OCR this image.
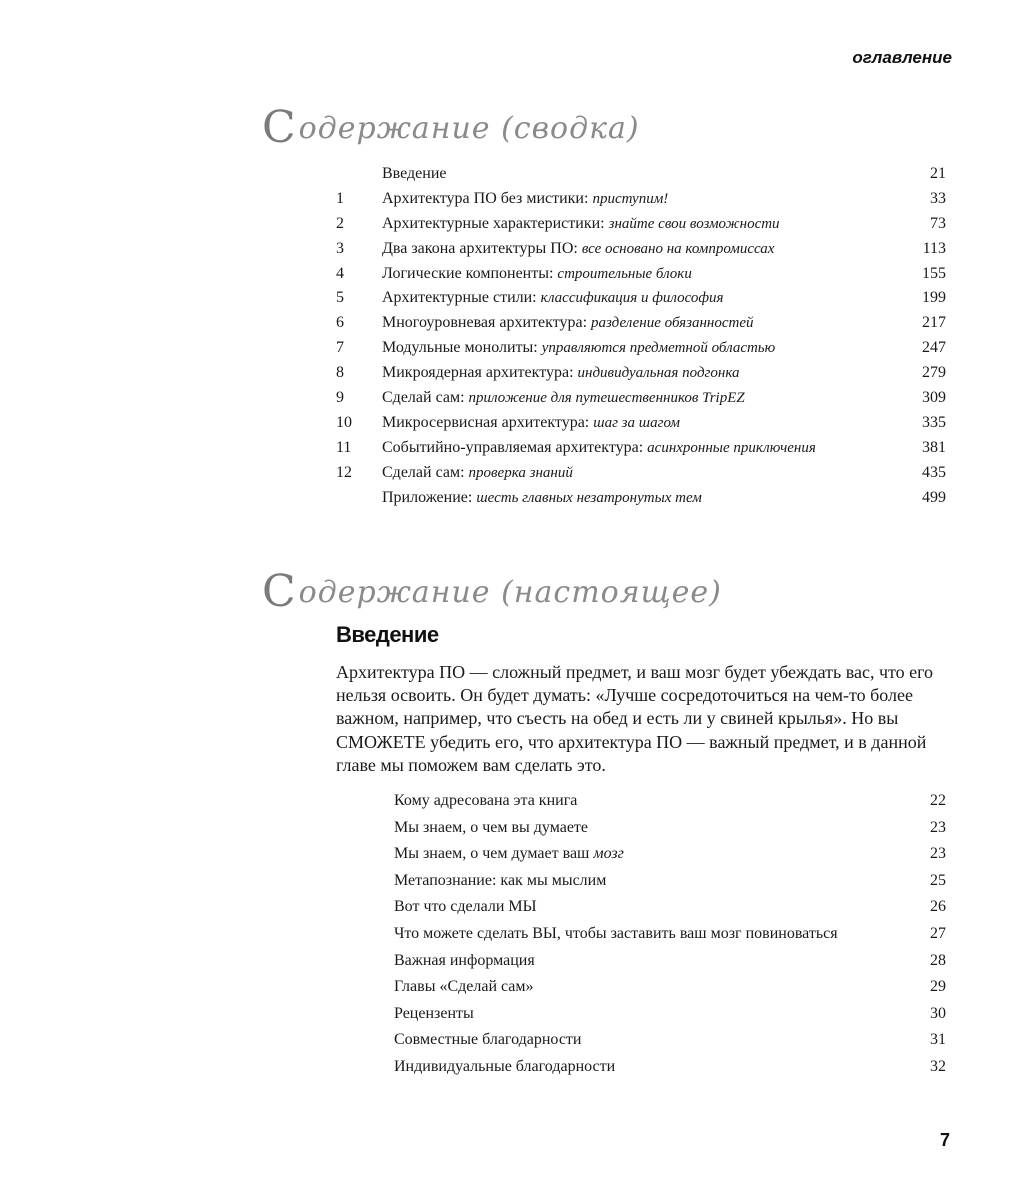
оглавление
Содержание (сводка)
Введение	21
1	Архитектура ПО без мистики: приступим!	33
2	Архитектурные характеристики: знайте свои возможности	73
3	Два закона архитектуры ПО: все основано на компромиссах	113
4	Логические компоненты: строительные блоки	155
5	Архитектурные стили: классификация и философия	199
6	Многоуровневая архитектура: разделение обязанностей	217
7	Модульные монолиты: управляются предметной областью	247
8	Микроядерная архитектура: индивидуальная подгонка	279
9	Сделай сам: приложение для путешественников TripEZ	309
10	Микросервисная архитектура: шаг за шагом	335
11	Событийно-управляемая архитектура: асинхронные приключения	381
12	Сделай сам: проверка знаний	435
Приложение: шесть главных незатронутых тем	499
Содержание (настоящее)
Введение

Архитектура ПО — сложный предмет, и ваш мозг будет убеждать вас, что его нельзя освоить. Он будет думать: «Лучше сосредоточиться на чем-то более важном, например, что съесть на обед и есть ли у свиней крылья». Но вы СМОЖЕТЕ убедить его, что архитектура ПО — важный предмет, и в данной главе мы поможем вам сделать это.

Кому адресована эта книга	22
Мы знаем, о чем вы думаете	23
Мы знаем, о чем думает ваш мозг	23
Метапознание: как мы мыслим	25
Вот что сделали МЫ	26
Что можете сделать ВЫ, чтобы заставить ваш мозг повиноваться	27
Важная информация	28
Главы «Сделай сам»	29
Рецензенты	30
Совместные благодарности	31
Индивидуальные благодарности	32
7
